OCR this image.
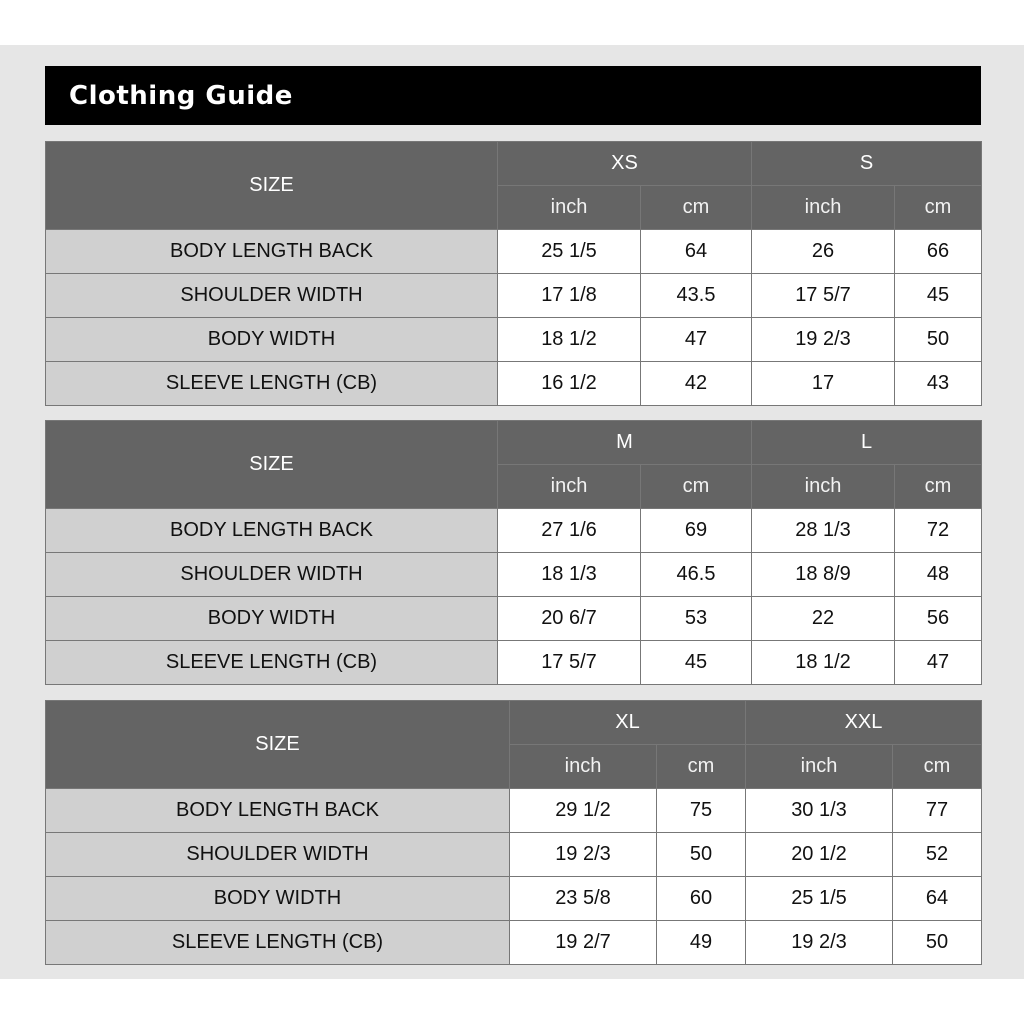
Clothing Guide
SIZE	XS		S	
	inch	cm	inch	cm
BODY LENGTH BACK	25 1/5	64	26	66
SHOULDER WIDTH	17 1/8	43.5	17 5/7	45
BODY WIDTH	18 1/2	47	19 2/3	50
SLEEVE LENGTH (CB)	16 1/2	42	17	43
SIZE	M		L	
	inch	cm	inch	cm
BODY LENGTH BACK	27 1/6	69	28 1/3	72
SHOULDER WIDTH	18 1/3	46.5	18 8/9	48
BODY WIDTH	20 6/7	53	22	56
SLEEVE LENGTH (CB)	17 5/7	45	18 1/2	47
SIZE	XL		XXL	
	inch	cm	inch	cm
BODY LENGTH BACK	29 1/2	75	30 1/3	77
SHOULDER WIDTH	19 2/3	50	20 1/2	52
BODY WIDTH	23 5/8	60	25 1/5	64
SLEEVE LENGTH (CB)	19 2/7	49	19 2/3	50
